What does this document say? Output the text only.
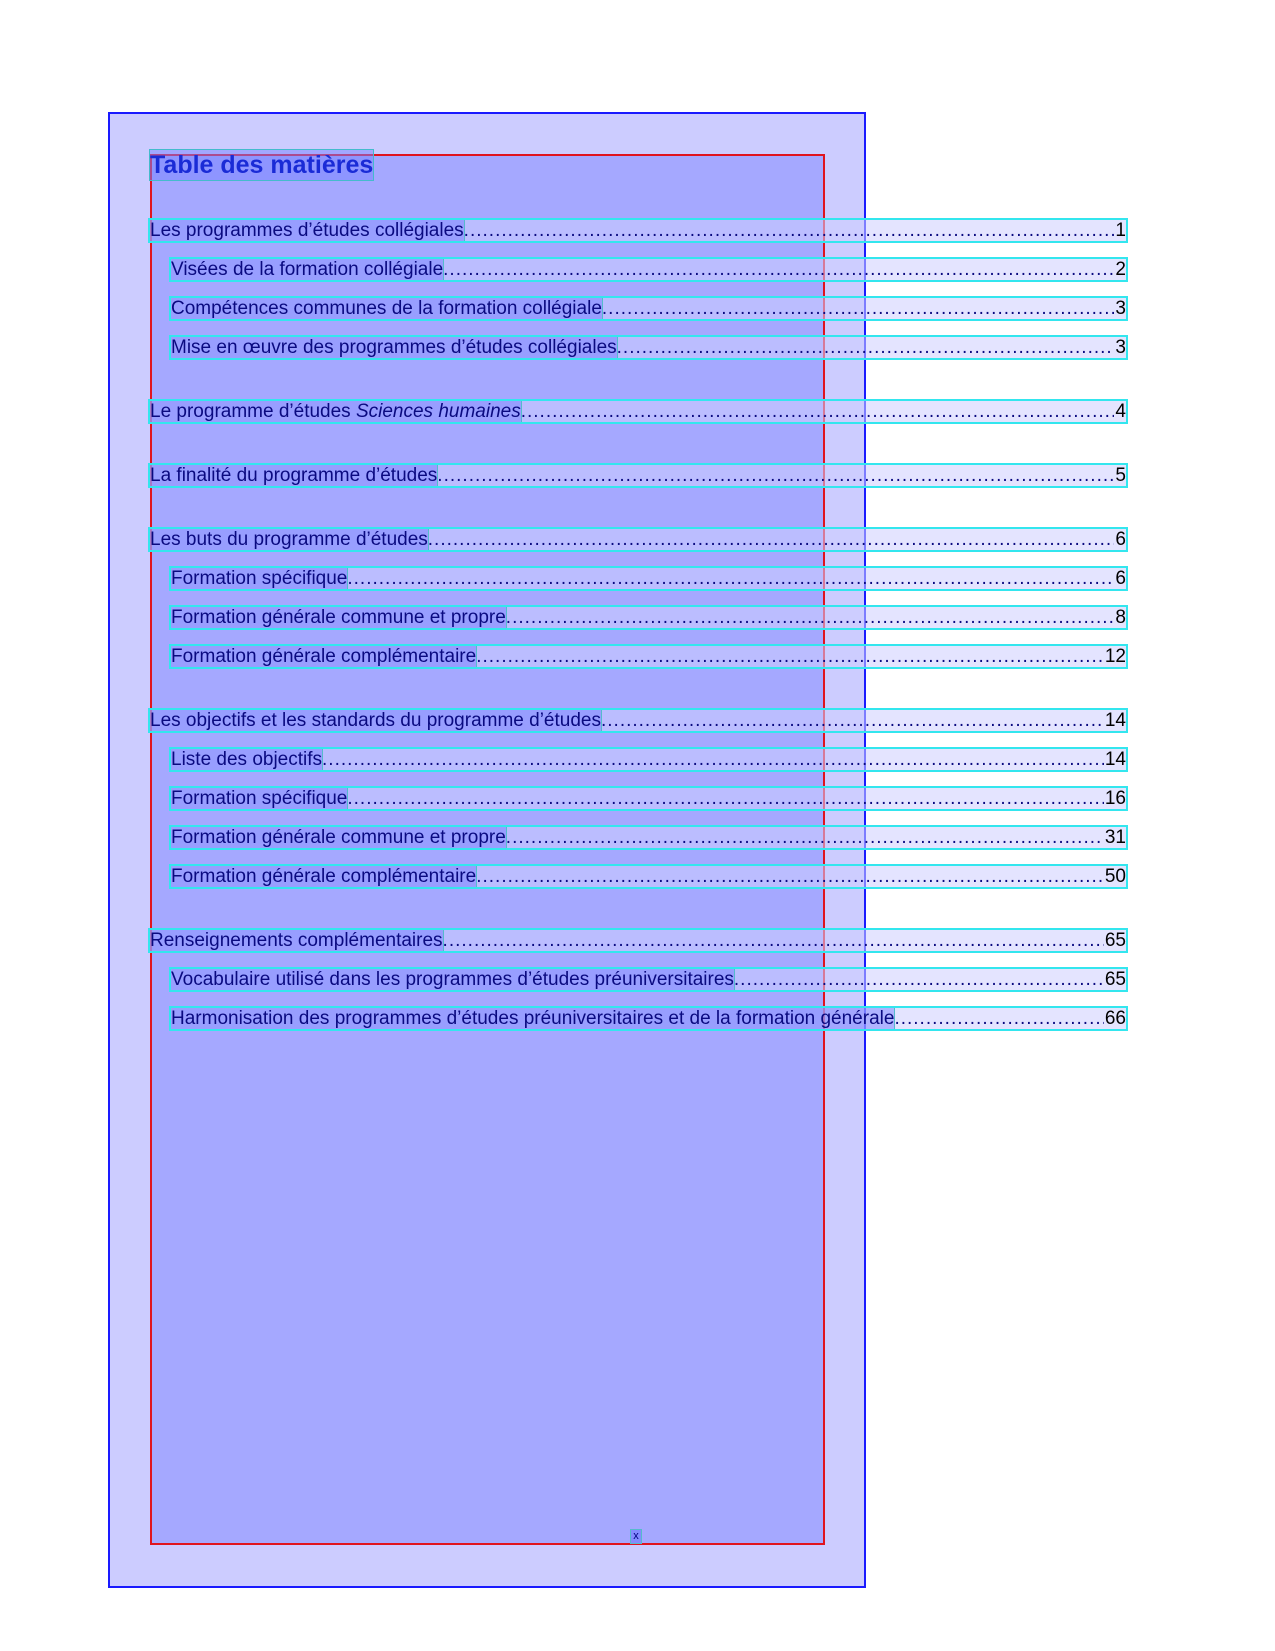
Table des matières
Les programmes d’études collégiales .....	1
Visées de la formation collégiale .....	2
Compétences communes de la formation collégiale .....	3
Mise en œuvre des programmes d’études collégiales .....	3
Le programme d’études Sciences humaines .....	4
La finalité du programme d’études .....	5
Les buts du programme d’études .....	6
Formation spécifique .....	6
Formation générale commune et propre .....	8
Formation générale complémentaire .....	12
Les objectifs et les standards du programme d’études .....	14
Liste des objectifs .....	14
Formation spécifique .....	16
Formation générale commune et propre .....	31
Formation générale complémentaire .....	50
Renseignements complémentaires .....	65
Vocabulaire utilisé dans les programmes d’études préuniversitaires .....	65
Harmonisation des programmes d’études préuniversitaires et de la formation générale .....	66
x
